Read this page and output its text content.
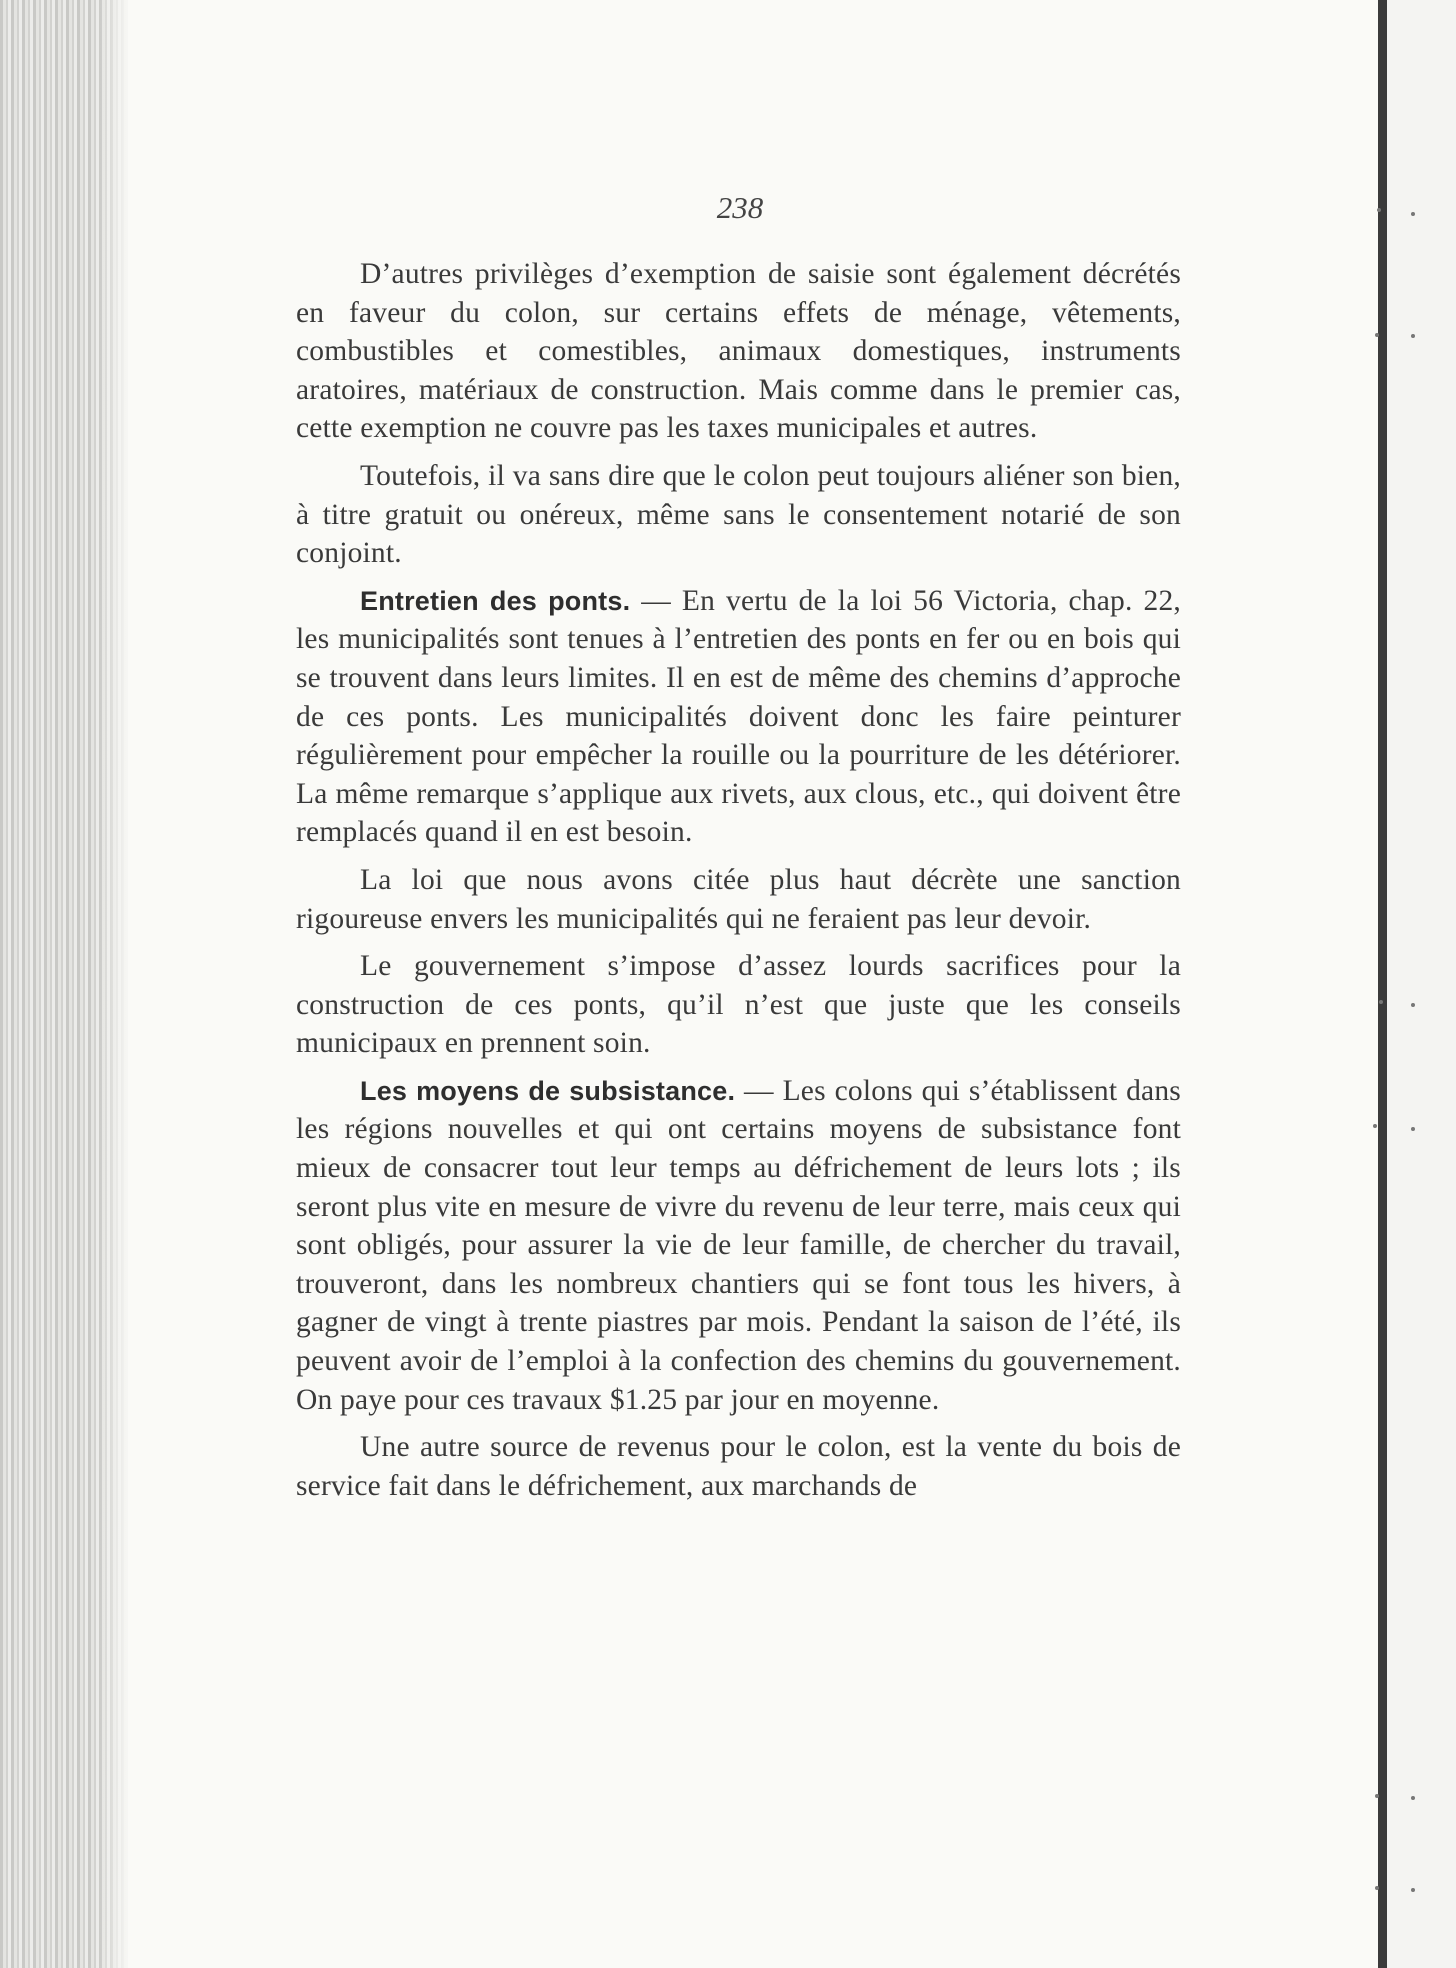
238

D’autres privilèges d’exemption de saisie sont également décrétés en faveur du colon, sur certains effets de ménage, vêtements, combustibles et comestibles, animaux domestiques, instruments aratoires, matériaux de construction. Mais comme dans le premier cas, cette exemption ne couvre pas les taxes municipales et autres.

Toutefois, il va sans dire que le colon peut toujours aliéner son bien, à titre gratuit ou onéreux, même sans le consentement notarié de son conjoint.

Entretien des ponts. — En vertu de la loi 56 Victoria, chap. 22, les municipalités sont tenues à l’entretien des ponts en fer ou en bois qui se trouvent dans leurs limites. Il en est de même des chemins d’approche de ces ponts. Les municipalités doivent donc les faire peinturer régulièrement pour empêcher la rouille ou la pourriture de les détériorer. La même remarque s’applique aux rivets, aux clous, etc., qui doivent être remplacés quand il en est besoin.

La loi que nous avons citée plus haut décrète une sanction rigoureuse envers les municipalités qui ne feraient pas leur devoir.

Le gouvernement s’impose d’assez lourds sacrifices pour la construction de ces ponts, qu’il n’est que juste que les conseils municipaux en prennent soin.

Les moyens de subsistance. — Les colons qui s’établissent dans les régions nouvelles et qui ont certains moyens de subsistance font mieux de consacrer tout leur temps au défrichement de leurs lots ; ils seront plus vite en mesure de vivre du revenu de leur terre, mais ceux qui sont obligés, pour assurer la vie de leur famille, de chercher du travail, trouveront, dans les nombreux chantiers qui se font tous les hivers, à gagner de vingt à trente piastres par mois. Pendant la saison de l’été, ils peuvent avoir de l’emploi à la confection des chemins du gouvernement. On paye pour ces travaux $1.25 par jour en moyenne.

Une autre source de revenus pour le colon, est la vente du bois de service fait dans le défrichement, aux marchands de
